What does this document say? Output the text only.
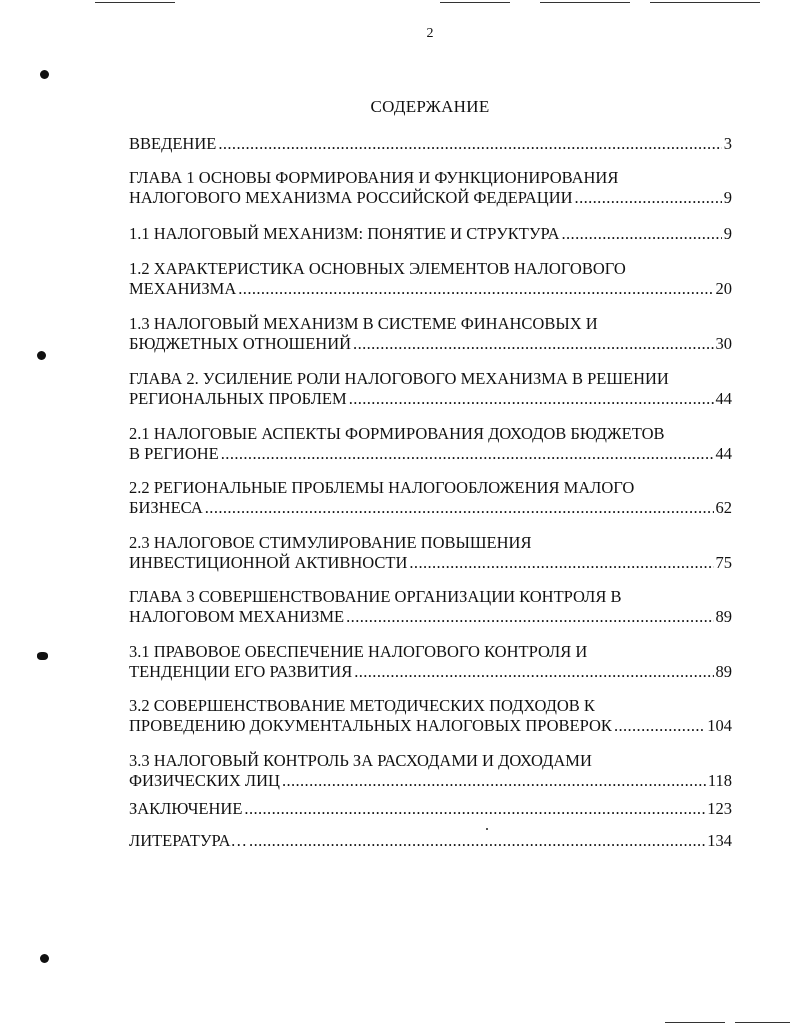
2
СОДЕРЖАНИЕ
ВВЕДЕНИЕ .....	3
ГЛАВА 1 ОСНОВЫ ФОРМИРОВАНИЯ И ФУНКЦИОНИРОВАНИЯ
НАЛОГОВОГО МЕХАНИЗМА РОССИЙСКОЙ ФЕДЕРАЦИИ .....	9
1.1 НАЛОГОВЫЙ МЕХАНИЗМ: ПОНЯТИЕ И СТРУКТУРА .....	9
1.2 ХАРАКТЕРИСТИКА ОСНОВНЫХ ЭЛЕМЕНТОВ НАЛОГОВОГО
МЕХАНИЗМА .....	20
1.3 НАЛОГОВЫЙ МЕХАНИЗМ В СИСТЕМЕ ФИНАНСОВЫХ И
БЮДЖЕТНЫХ ОТНОШЕНИЙ .....	30
ГЛАВА 2. УСИЛЕНИЕ РОЛИ НАЛОГОВОГО МЕХАНИЗМА В РЕШЕНИИ
РЕГИОНАЛЬНЫХ ПРОБЛЕМ .....	44
2.1 НАЛОГОВЫЕ АСПЕКТЫ ФОРМИРОВАНИЯ ДОХОДОВ БЮДЖЕТОВ
В РЕГИОНЕ .....	44
2.2 РЕГИОНАЛЬНЫЕ ПРОБЛЕМЫ НАЛОГООБЛОЖЕНИЯ МАЛОГО
БИЗНЕСА .....	62
2.3 НАЛОГОВОЕ СТИМУЛИРОВАНИЕ ПОВЫШЕНИЯ
ИНВЕСТИЦИОННОЙ АКТИВНОСТИ .....	75
ГЛАВА 3 СОВЕРШЕНСТВОВАНИЕ ОРГАНИЗАЦИИ КОНТРОЛЯ В
НАЛОГОВОМ МЕХАНИЗМЕ .....	89
3.1 ПРАВОВОЕ ОБЕСПЕЧЕНИЕ НАЛОГОВОГО КОНТРОЛЯ И
ТЕНДЕНЦИИ ЕГО РАЗВИТИЯ .....	89
3.2 СОВЕРШЕНСТВОВАНИЕ МЕТОДИЧЕСКИХ ПОДХОДОВ К
ПРОВЕДЕНИЮ ДОКУМЕНТАЛЬНЫХ НАЛОГОВЫХ ПРОВЕРОК .....	104
3.3 НАЛОГОВЫЙ КОНТРОЛЬ ЗА РАСХОДАМИ И ДОХОДАМИ
ФИЗИЧЕСКИХ ЛИЦ .....	118
ЗАКЛЮЧЕНИЕ .....	123
ЛИТЕРАТУРА… .....	134
